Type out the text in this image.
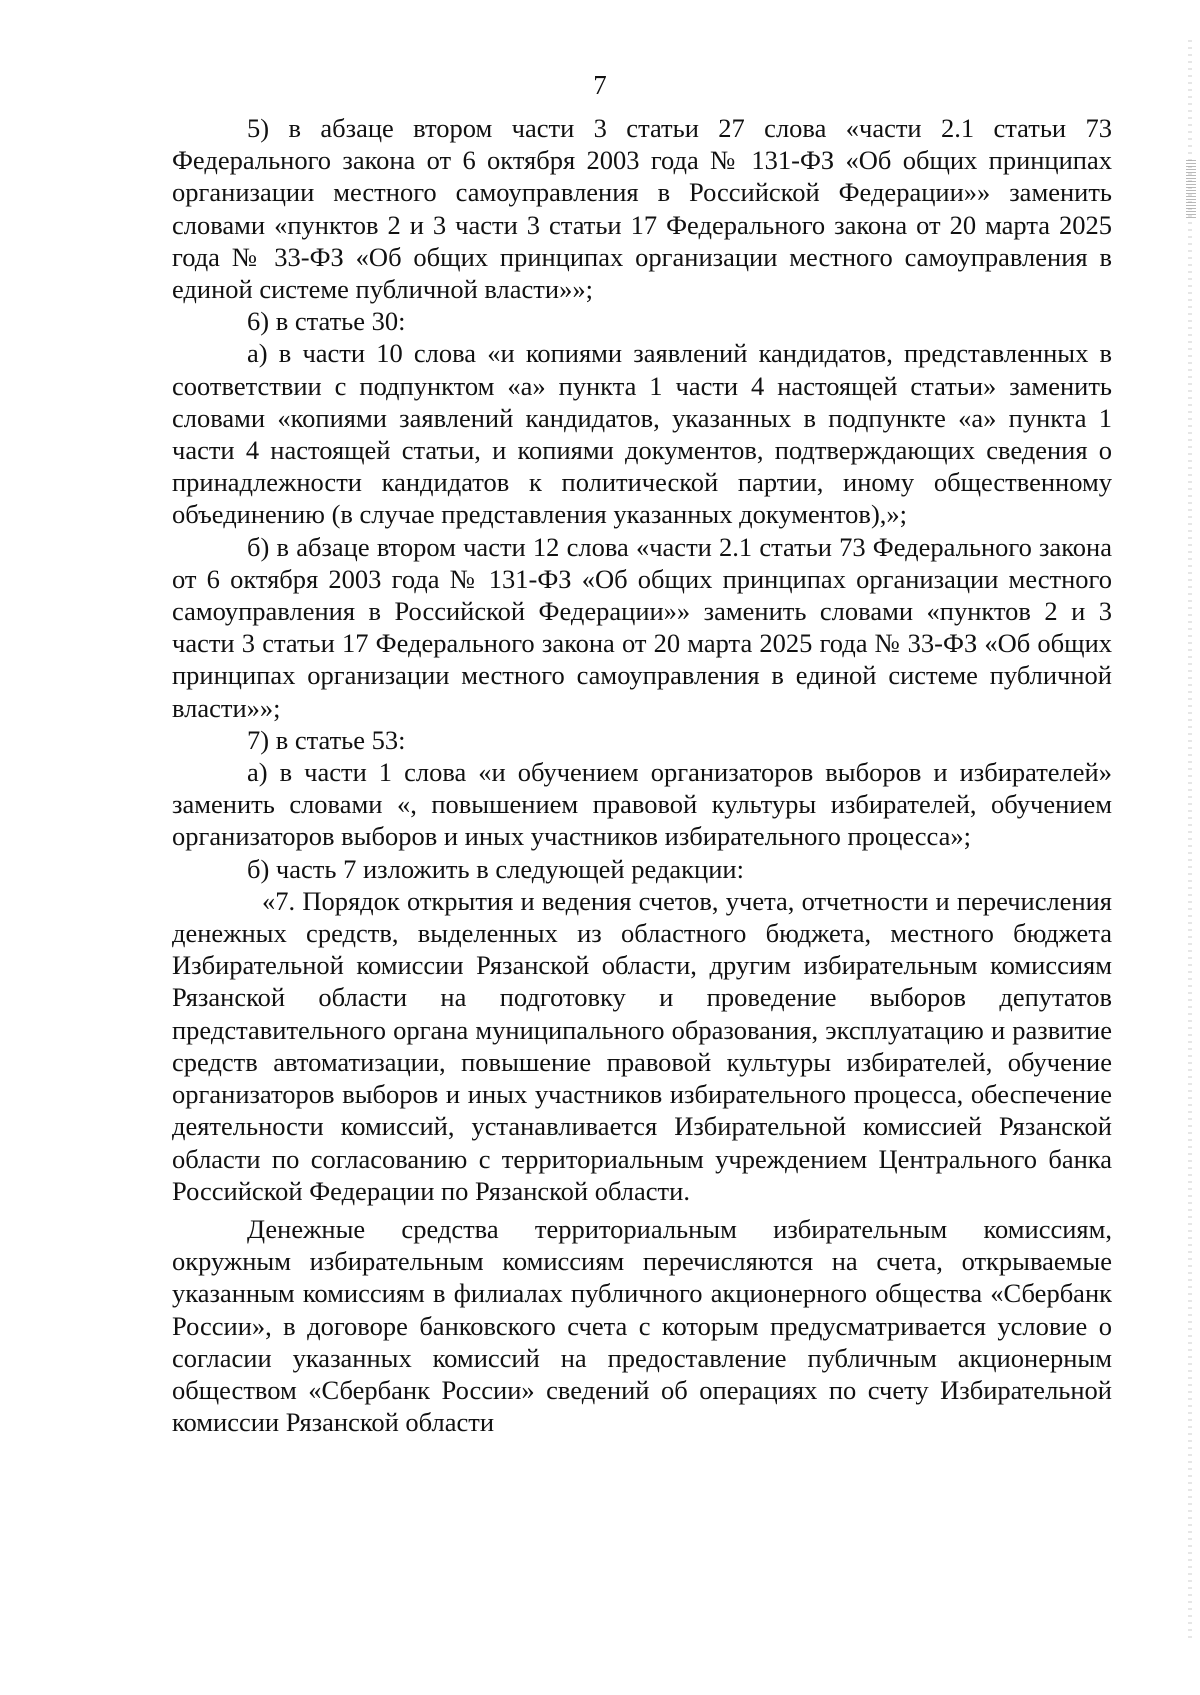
7

5) в абзаце втором части 3 статьи 27 слова «части 2.1 статьи 73 Федерального закона от 6 октября 2003 года № 131-ФЗ «Об общих принципах организации местного самоуправления в Российской Федерации»» заменить словами «пунктов 2 и 3 части 3 статьи 17 Федерального закона от 20 марта 2025 года № 33-ФЗ «Об общих принципах организации местного самоуправления в единой системе публичной власти»»;

6) в статье 30:

а) в части 10 слова «и копиями заявлений кандидатов, представленных в соответствии с подпунктом «а» пункта 1 части 4 настоящей статьи» заменить словами «копиями заявлений кандидатов, указанных в подпункте «а» пункта 1 части 4 настоящей статьи, и копиями документов, подтверждающих сведения о принадлежности кандидатов к политической партии, иному общественному объединению (в случае представления указанных документов),»;

б) в абзаце втором части 12 слова «части 2.1 статьи 73 Федерального закона от 6 октября 2003 года № 131-ФЗ «Об общих принципах организации местного самоуправления в Российской Федерации»» заменить словами «пунктов 2 и 3 части 3 статьи 17 Федерального закона от 20 марта 2025 года № 33-ФЗ «Об общих принципах организации местного самоуправления в единой системе публичной власти»»;

7) в статье 53:

а) в части 1 слова «и обучением организаторов выборов и избирателей» заменить словами «, повышением правовой культуры избирателей, обучением организаторов выборов и иных участников избирательного процесса»;

б) часть 7 изложить в следующей редакции:

«7. Порядок открытия и ведения счетов, учета, отчетности и перечисления денежных средств, выделенных из областного бюджета, местного бюджета Избирательной комиссии Рязанской области, другим избирательным комиссиям Рязанской области на подготовку и проведение выборов депутатов представительного органа муниципального образования, эксплуатацию и развитие средств автоматизации, повышение правовой культуры избирателей, обучение организаторов выборов и иных участников избирательного процесса, обеспечение деятельности комиссий, устанавливается Избирательной комиссией Рязанской области по согласованию с территориальным учреждением Центрального банка Российской Федерации по Рязанской области.

Денежные средства территориальным избирательным комиссиям, окружным избирательным комиссиям перечисляются на счета, открываемые указанным комиссиям в филиалах публичного акционерного общества «Сбербанк России», в договоре банковского счета с которым предусматривается условие о согласии указанных комиссий на предоставление публичным акционерным обществом «Сбербанк России» сведений об операциях по счету Избирательной комиссии Рязанской области
